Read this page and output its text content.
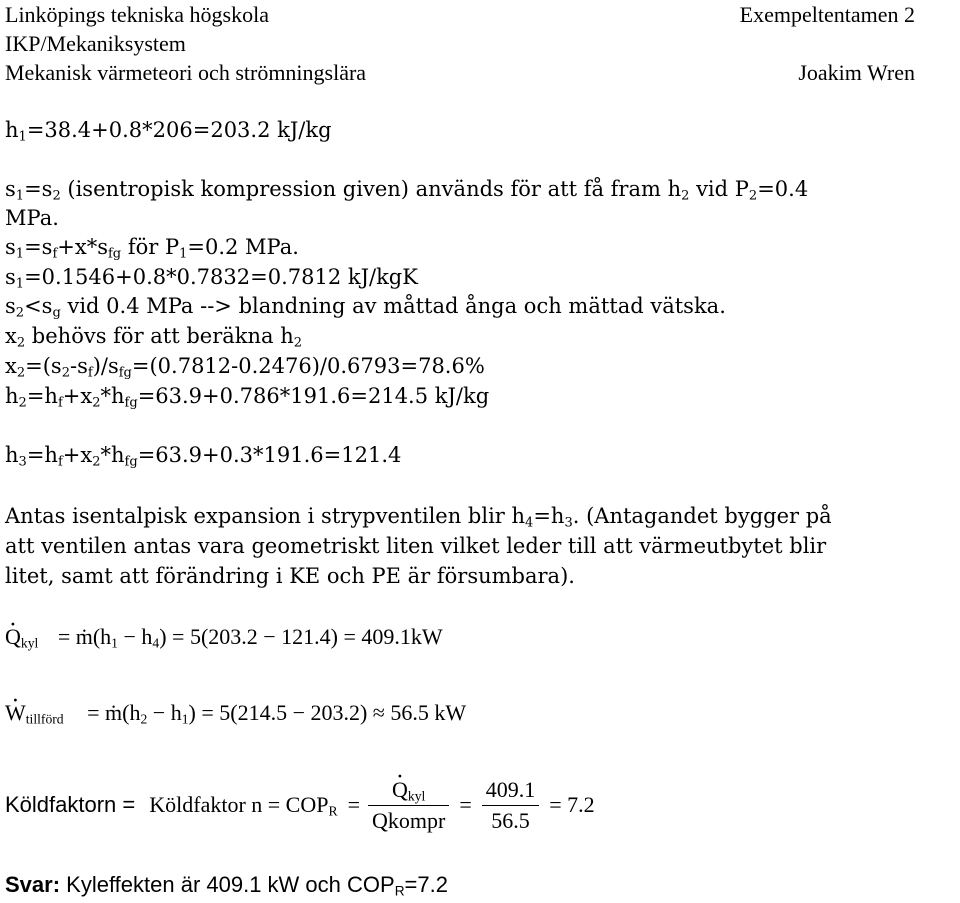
Linköpings tekniska högskola
IKP/Mekaniksystem
Mekanisk värmeteori och strömningslära
Exempeltentamen 2
Joakim Wren
$h_1=38.4+0.8*206=203.2$ kJ/kg
$s_1=s_2$ (isentropisk kompression given) används för att få fram $h_2$ vid $P_2=0.4$
MPa.
$s_1=s_f+x*s_{fg}$ för $P_1=0.2$ MPa.
$s_1=0.1546+0.8*0.7832=0.7812$ kJ/kgK
$s_2<s_g$ vid 0.4 MPa --> blandning av måttad ånga och mättad vätska.
$x_2$ behövs för att beräkna $h_2$
$x_2=(s_2-s_f)/s_{fg}=(0.7812-0.2476)/0.6793=78.6\%$
$h_2=h_f+x_2*h_{fg}=63.9+0.786*191.6=214.5$ kJ/kg
$h_3=h_f+x_2*h_{fg}=63.9+0.3*191.6=121.4$
Antas isentalpisk expansion i strypventilen blir $h_4=h_3$. (Antagandet bygger på
att ventilen antas vara geometriskt liten vilket leder till att värmeutbytet blir
litet, samt att förändring i KE och PE är försumbara).
· $Q_{kyl}$ = $ṁ(h_1 - h_4) = 5(203.2 - 121.4) = 409.1kW$
· $W_{tillförd}$ = $ṁ(h_2 - h_1) = 5(214.5 - 203.2) \approx 56.5$ kW
Köldfaktorn = Köldfaktor $n = COP_R$ =
· $\frac{Q_{kyl}}{\text{Qkompr}} = \frac{409.1}{56.5} = 7.2$
Svar: Kyleffekten är 409.1 kW och $COP_R=7.2$
